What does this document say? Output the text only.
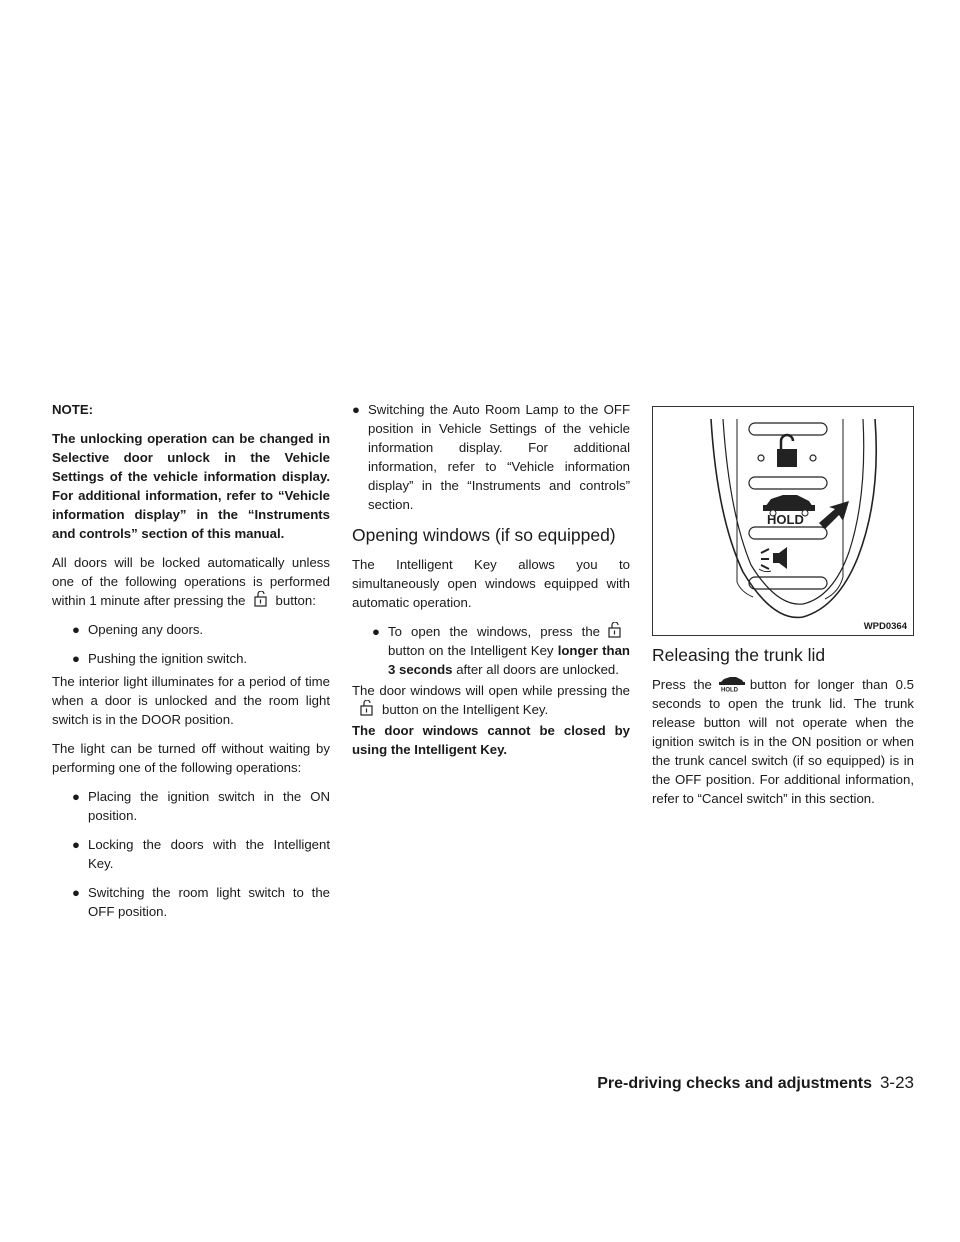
NOTE:

The unlocking operation can be changed in Selective door unlock in the Vehicle Settings of the vehicle information display. For additional information, refer to “Vehicle information display” in the “Instruments and controls” section of this manual.

All doors will be locked automatically unless one of the following operations is performed within 1 minute after pressing the button:

● Opening any doors.
● Pushing the ignition switch.

The interior light illuminates for a period of time when a door is unlocked and the room light switch is in the DOOR position.

The light can be turned off without waiting by performing one of the following operations:

● Placing the ignition switch in the ON position.
● Locking the doors with the Intelligent Key.
● Switching the room light switch to the OFF position.
● Switching the Auto Room Lamp to the OFF position in Vehicle Settings of the vehicle information display. For additional information, refer to “Vehicle information display” in the “Instruments and controls” section.
Opening windows (if so equipped)

The Intelligent Key allows you to simultaneously open windows equipped with automatic operation.

● To open the windows, press thebutton on the Intelligent Key longer than 3 seconds after all doors are unlocked.

The door windows will open while pressing thebutton on the Intelligent Key.

The door windows cannot be closed by using the Intelligent Key.

HOLD
WPD0364
Releasing the trunk lid

Press the HOLD button for longer than 0.5 seconds to open the trunk lid. The trunk release button will not operate when the ignition switch is in the ON position or when the trunk cancel switch (if so equipped) is in the OFF position. For additional information, refer to “Cancel switch” in this section.

Pre-driving checks and adjustments 3-23
